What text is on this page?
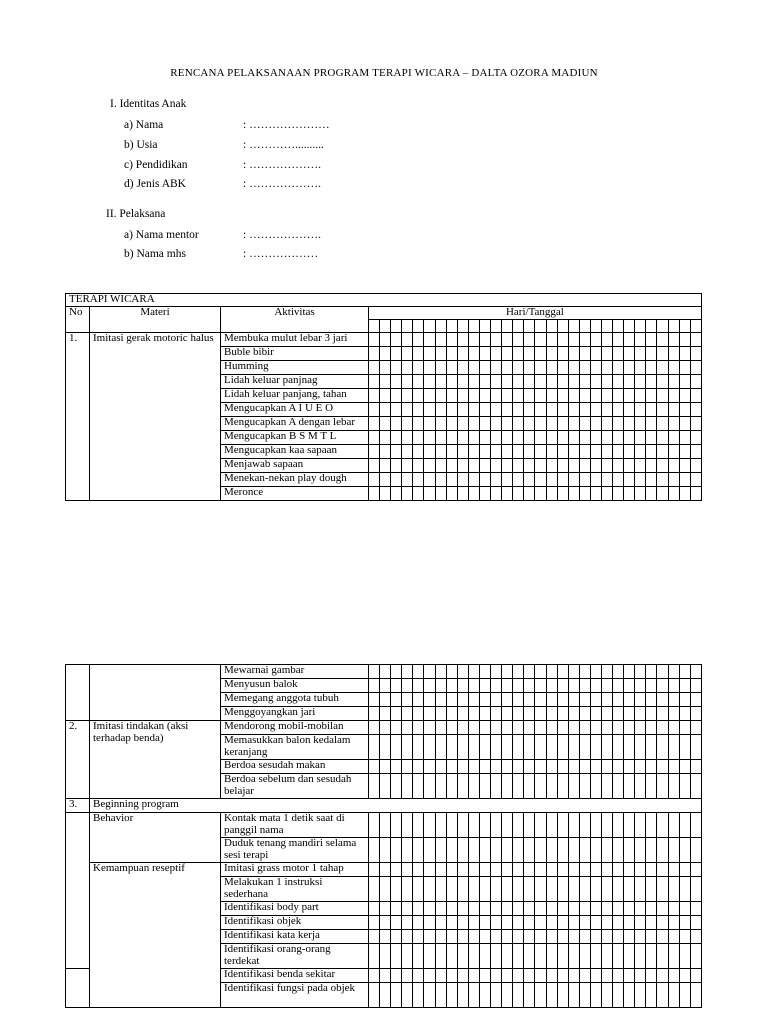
RENCANA PELAKSANAAN PROGRAM TERAPI WICARA – DALTA OZORA MADIUN
I. Identitas Anak
a) Nama	: …………………
b) Usia	: …………..........
c) Pendidikan	: ……………….
d) Jenis ABK	: ……………….
II. Pelaksana
a) Nama mentor	: ……………….
b) Nama mhs	: ………………
TERAPI WICARA																																
No	Materi	Aktivitas	Hari/Tanggal																													

1.	Imitasi gerak motoric halus	Membuka mulut lebar 3 jari																														
		Buble bibir																														
		Humming																														
		Lidah keluar panjnag																														
		Lidah keluar panjang, tahan																														
		Mengucapkan A I U E O																														
		Mengucapkan A dengan lebar																														
		Mengucapkan B S M T L																														
		Mengucapkan kaa sapaan																														
		Menjawab sapaan																														
		Menekan-nekan play dough																														
		Meronce																														
		Mewarnai gambar																														
		Menyusun balok																														
		Memegang anggota tubuh																														
		Menggoyangkan jari																														
2.	Imitasi tindakan (aksi terhadap benda)	Mendorong mobil-mobilan																														
		Memasukkan balon kedalam keranjang																														
		Berdoa sesudah makan																														
		Berdoa sebelum dan sesudah belajar																														
3.	Beginning program																															
	Behavior	Kontak mata 1 detik saat di panggil nama																														
		Duduk tenang mandiri selama sesi terapi																														
	Kemampuan reseptif	Imitasi grass motor 1 tahap																														
		Melakukan 1 instruksi sederhana																														
		Identifikasi body part																														
		Identifikasi objek																														
		Identifikasi kata kerja																														
		Identifikasi orang-orang terdekat																														
		Identifikasi benda sekitar																														
		Identifikasi fungsi pada objek																														
